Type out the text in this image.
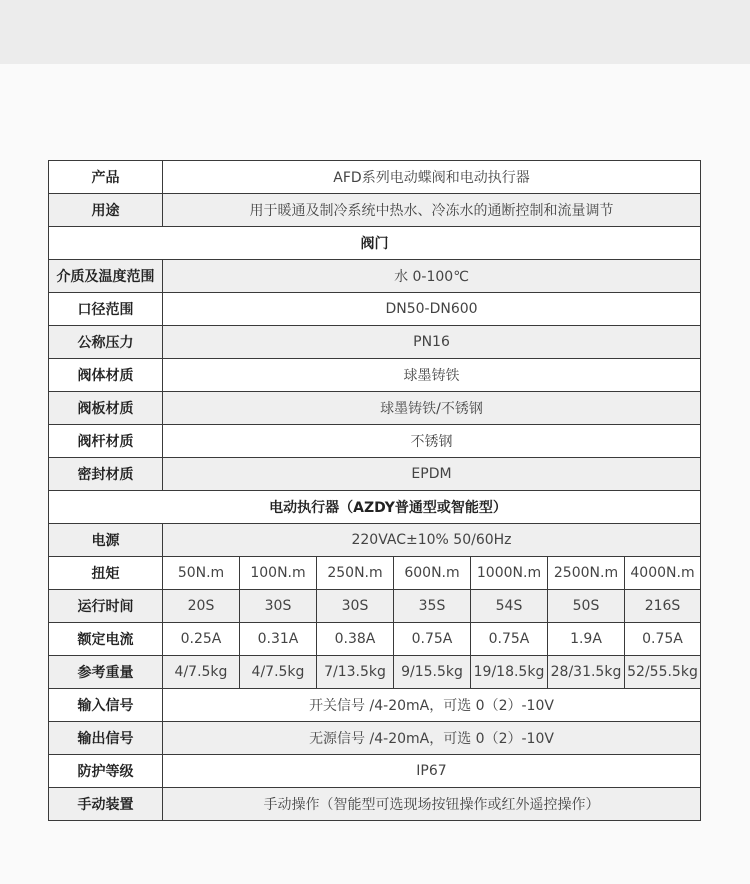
产品	AFD系列电动蝶阀和电动执行器						
用途	用于暖通及制冷系统中热水、冷冻水的通断控制和流量调节						
阀门							
介质及温度范围	水 0-100℃						
口径范围	DN50-DN600						
公称压力	PN16						
阀体材质	球墨铸铁						
阀板材质	球墨铸铁/不锈钢						
阀杆材质	不锈钢						
密封材质	EPDM						
电动执行器（AZDY普通型或智能型）							
电源	220VAC±10% 50/60Hz						
扭矩	50N.m	100N.m	250N.m	600N.m	1000N.m	2500N.m	4000N.m
运行时间	20S	30S	30S	35S	54S	50S	216S
额定电流	0.25A	0.31A	0.38A	0.75A	0.75A	1.9A	0.75A
参考重量	4/7.5kg	4/7.5kg	7/13.5kg	9/15.5kg	19/18.5kg	28/31.5kg	52/55.5kg
输入信号	开关信号 /4-20mA，可选 0（2）-10V						
输出信号	无源信号 /4-20mA，可选 0（2）-10V						
防护等级	IP67						
手动装置	手动操作（智能型可选现场按钮操作或红外遥控操作）						
